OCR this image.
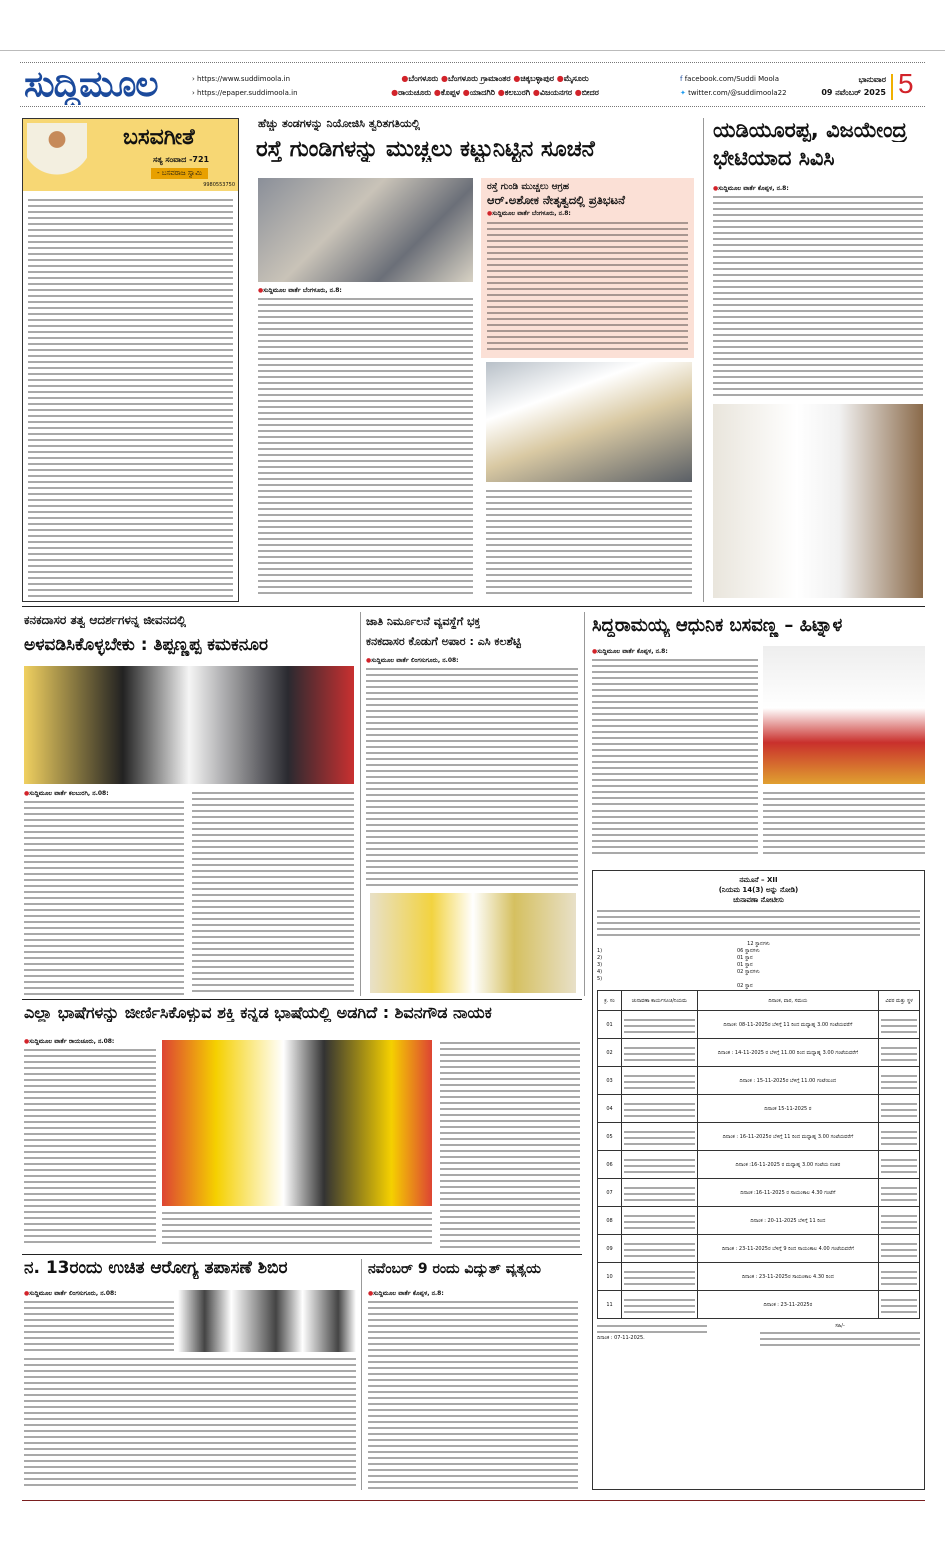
ಸುದ್ದಿಮೂಲ	› https://www.suddimoola.in
› https://epaper.suddimoola.in
●ಬೆಂಗಳೂರು ●ಬೆಂಗಳೂರು ಗ್ರಾಮಾಂತರ ●ಚಿಕ್ಕಬಳ್ಳಾಪುರ ●ಮೈಸೂರು
●ರಾಯಚೂರು ●ಕೊಪ್ಪಳ ●ಯಾದಗಿರಿ ●ಕಲಬುರಗಿ ●ವಿಜಯನಗರ ●ಬೀದರ
f facebook.com/Suddi Moola
✦ twitter.com/@suddimoola22
ಭಾನುವಾರ
09 ನವೆಂಬರ್ 2025 5
ಬಸವಗೀತೆ
ಸತ್ಯ ಸಂವಾದ -721
- ಬಸವರಾಜ ಸ್ವಾಮಿ
9980553750
ಹೆಚ್ಚು ತಂಡಗಳನ್ನು ನಿಯೋಜಿಸಿ ತ್ವರಿತಗತಿಯಲ್ಲಿ
ರಸ್ತೆ ಗುಂಡಿಗಳನ್ನು ಮುಚ್ಚಲು ಕಟ್ಟುನಿಟ್ಟಿನ ಸೂಚನೆ
●ಸುದ್ದಿಮೂಲ ವಾರ್ತೆ ಬೆಂಗಳೂರು, ನ.8:
ರಸ್ತೆ ಗುಂಡಿ ಮುಚ್ಚಲು ಆಗ್ರಹ
ಆರ್.ಅಶೋಕ ನೇತೃತ್ವದಲ್ಲಿ ಪ್ರತಿಭಟನೆ
●ಸುದ್ದಿಮೂಲ ವಾರ್ತೆ ಬೆಂಗಳೂರು, ನ.8:
ಯಡಿಯೂರಪ್ಪ, ವಿಜಯೇಂದ್ರ
ಭೇಟಿಯಾದ ಸಿವಿಸಿ
●ಸುದ್ದಿಮೂಲ ವಾರ್ತೆ ಕೊಪ್ಪಳ, ನ.8:
ಕನಕದಾಸರ ತತ್ವ ಆದರ್ಶಗಳನ್ನ ಜೀವನದಲ್ಲಿ
ಅಳವಡಿಸಿಕೊಳ್ಳಬೇಕು : ತಿಪ್ಪಣ್ಣಪ್ಪ ಕಮಕನೂರ
●ಸುದ್ದಿಮೂಲ ವಾರ್ತೆ ಕಲಬುರಗಿ, ನ.08:
ಜಾತಿ ನಿರ್ಮೂಲನೆ ವ್ಯವಸ್ಥೆಗೆ ಭಕ್ತ
ಕನಕದಾಸರ ಕೊಡುಗೆ ಅಪಾರ : ಎಸಿ ಕಲಶೆಟ್ಟಿ
●ಸುದ್ದಿಮೂಲ ವಾರ್ತೆ ಲಿಂಗಸುಗೂರು, ನ.08:
ಸಿದ್ದರಾಮಯ್ಯ ಆಧುನಿಕ ಬಸವಣ್ಣ – ಹಿಟ್ನಾಳ
●ಸುದ್ದಿಮೂಲ ವಾರ್ತೆ ಕೊಪ್ಪಳ, ನ.8:
ನಮೂನೆ – XII
(ನಿಯಮ 14(3) ಅನ್ನು ನೋಡಿ)
ಚುನಾವಣಾ ನೋಟೀಸು
12 ಸ್ಥಾನಗಳು
1)	06 ಸ್ಥಾನಗಳು
2)	01 ಸ್ಥಾನ
3)	01 ಸ್ಥಾನ
4)	02 ಸ್ಥಾನಗಳು
5)
02 ಸ್ಥಾನ
ಕ್ರ. ಸಂ	ಚುನಾವಣಾ ಕಾರ್ಯಸೂಚಿ/ನಿಯಮ	ದಿನಾಂಕ, ವಾರ, ಸಮಯ	ವಿವರ ಮತ್ತು ಸ್ಥಳ
01		ದಿನಾಂಕ: 08-11-2025ರ ಬೆಳಿಗ್ಗೆ 11 ರಿಂದ ಮಧ್ಯಾಹ್ನ 3.00 ಗಂಟೆಯವರೆಗೆ	

02		ದಿನಾಂಕ : 14-11-2025 ರ ಬೆಳಿಗ್ಗೆ 11.00 ರಿಂದ ಮಧ್ಯಾಹ್ನ 3.00 ಗಂಟೆಯವರೆಗೆ	

03		ದಿನಾಂಕ : 15-11-2025ರ ಬೆಳಿಗ್ಗೆ 11.00 ಗಂಟೆಯಿಂದ	

04		ದಿನಾಂಕ 15-11-2025 ರ	

05		ದಿನಾಂಕ : 16-11-2025ರ ಬೆಳಿಗ್ಗೆ 11 ರಿಂದ ಮಧ್ಯಾಹ್ನ 3.00 ಗಂಟೆಯವರೆಗೆ	

06		ದಿನಾಂಕ :16-11-2025 ರ ಮಧ್ಯಾಹ್ನ 3.00 ಗಂಟೆಯ ನಂತರ	

07		ದಿನಾಂಕ :16-11-2025 ರ ಸಾಯಂಕಾಲ 4.30 ಗಂಟೆಗೆ	

08		ದಿನಾಂಕ : 20-11-2025 ಬೆಳಿಗ್ಗೆ 11 ರಿಂದ	

09		ದಿನಾಂಕ : 23-11-2025ರ ಬೆಳಿಗ್ಗೆ 9 ರಿಂದ ಸಾಯಂಕಾಲ 4.00 ಗಂಟೆಯವರೆಗೆ	

10		ದಿನಾಂಕ : 23-11-2025ರ ಸಾಯಂಕಾಲ 4.30 ರಿಂದ	

11		ದಿನಾಂಕ : 23-11-2025ರ	
ದಿನಾಂಕ : 07-11-2025.
ಸಹಿ/-
ಎಲ್ಲಾ ಭಾಷೆಗಳನ್ನು ಜೀರ್ಣಿಸಿಕೊಳ್ಳುವ ಶಕ್ತಿ ಕನ್ನಡ ಭಾಷೆಯಲ್ಲಿ ಅಡಗಿದೆ : ಶಿವನಗೌಡ ನಾಯಕ
●ಸುದ್ದಿಮೂಲ ವಾರ್ತೆ ರಾಯಚೂರು, ನ.08:
ನ. 13ರಂದು ಉಚಿತ ಆರೋಗ್ಯ ತಪಾಸಣೆ ಶಿಬಿರ
●ಸುದ್ದಿಮೂಲ ವಾರ್ತೆ ಲಿಂಗಸುಗೂರು, ನ.08:
ನವೆಂಬರ್ 9 ರಂದು ವಿದ್ಯುತ್ ವ್ಯತ್ಯಯ
●ಸುದ್ದಿಮೂಲ ವಾರ್ತೆ ಕೊಪ್ಪಳ, ನ.8:
